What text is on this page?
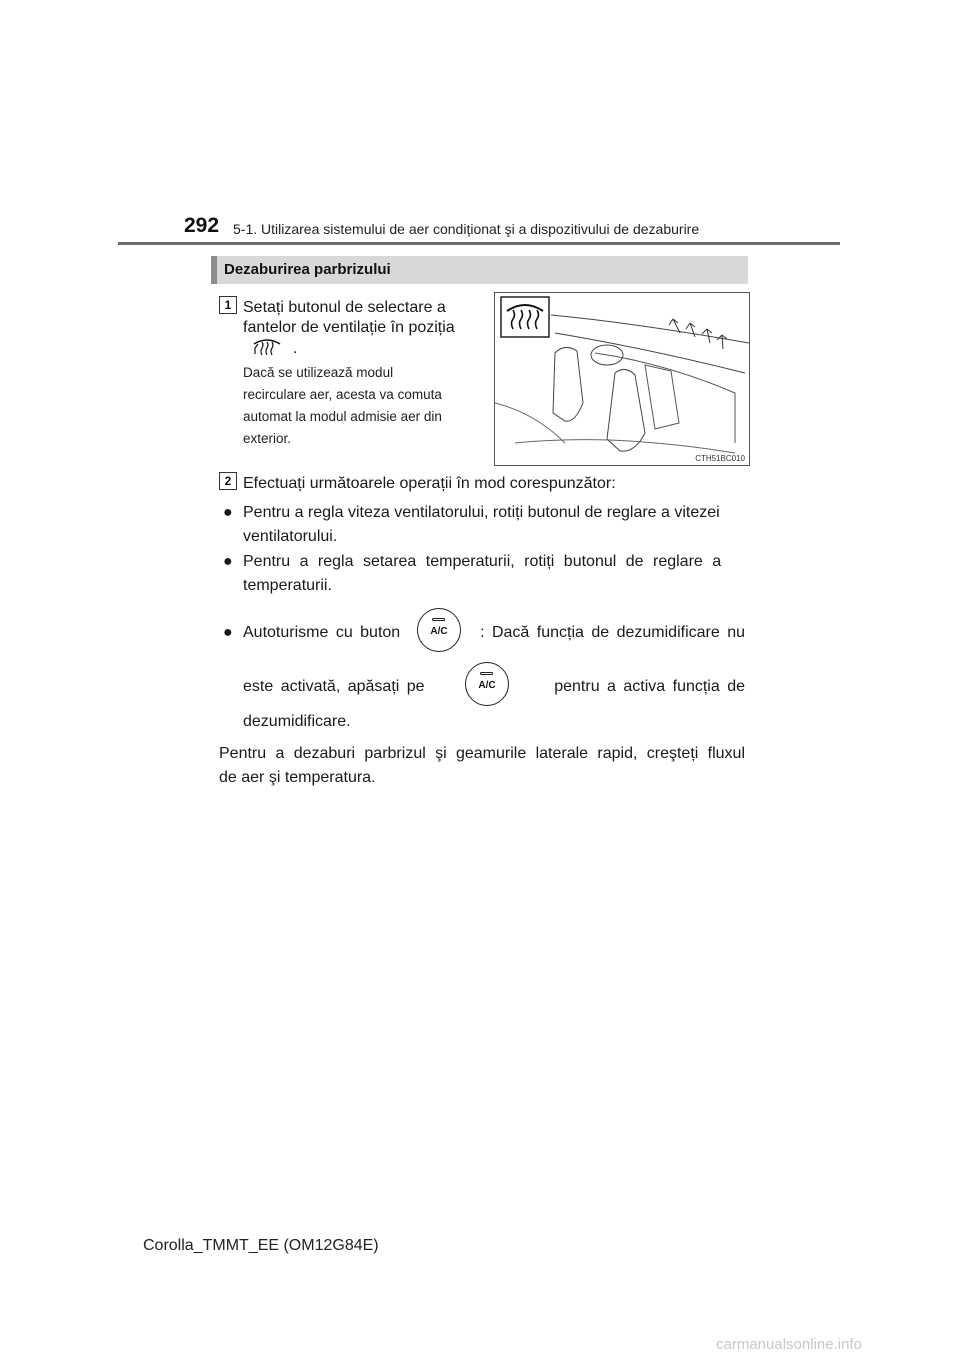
292 5-1. Utilizarea sistemului de aer condiționat şi a dispozitivului de dezaburire
Dezaburirea parbrizului
1 Setați butonul de selectare a
fantelor de ventilație în poziția
.
Dacă se utilizează modul
recirculare aer, acesta va comuta
automat la modul admisie aer din
exterior.
CTH51BC010
2 Efectuați următoarele operații în mod corespunzător:
● Pentru a regla viteza ventilatorului, rotiți butonul de reglare a vitezei
ventilatorului.
● Pentru a regla setarea temperaturii, rotiți butonul de reglare a
temperaturii.
● Autoturisme cu buton	A/C	: Dacă funcția de dezumidificare nu
este activată, apăsați pe	A/C	pentru a activa funcția de
dezumidificare.
Pentru a dezaburi parbrizul şi geamurile laterale rapid, creşteți fluxul
de aer şi temperatura.
Corolla_TMMT_EE (OM12G84E)
carmanualsonline.info
